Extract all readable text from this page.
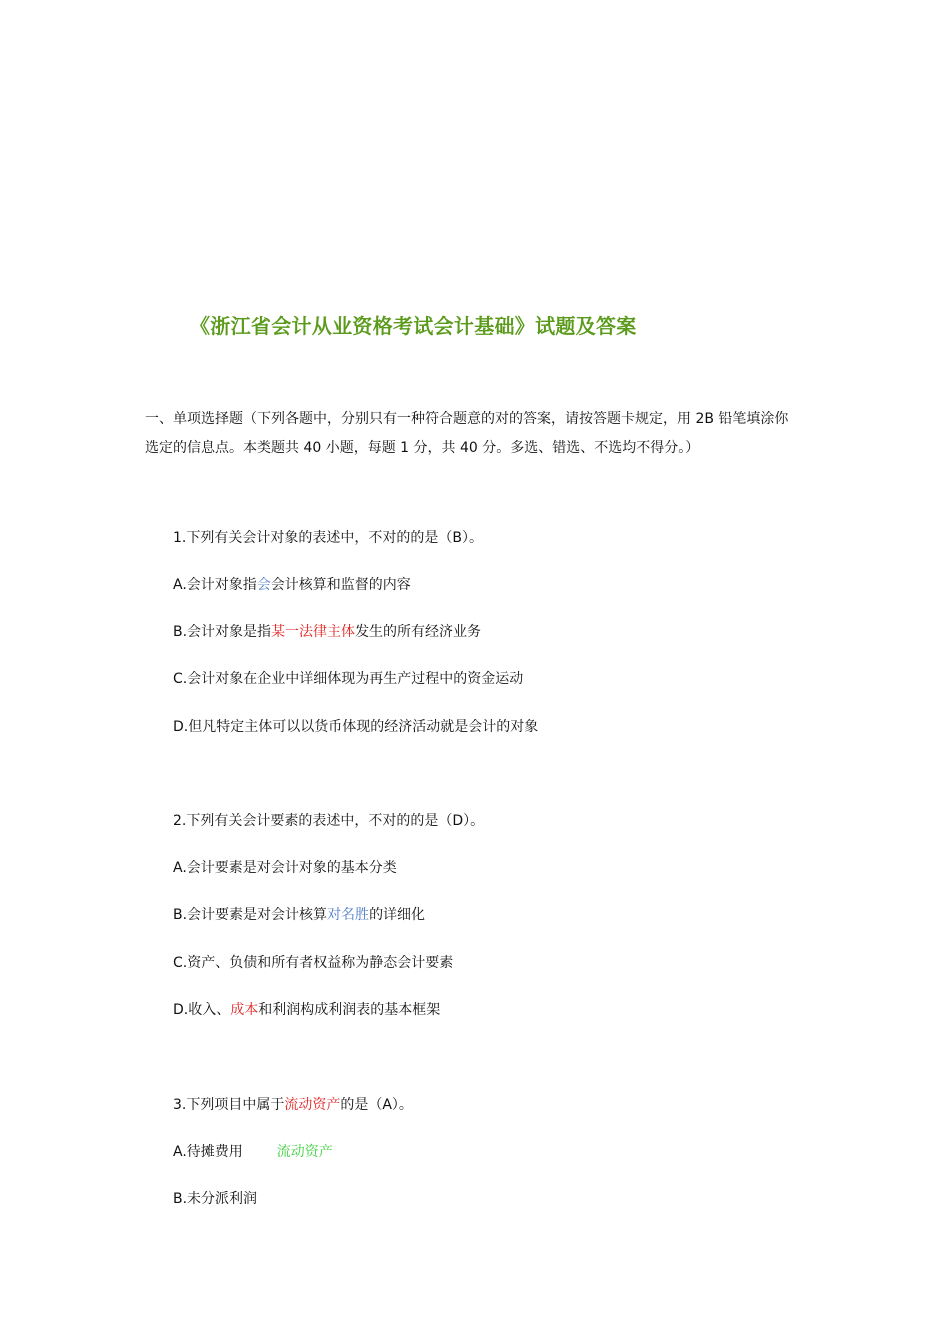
《浙江省会计从业资格考试会计基础》试题及答案
一、单项选择题（下列各题中，分别只有一种符合题意的对的答案，请按答题卡规定，用 2B 铅笔填涂你
选定的信息点。本类题共 40 小题，每题 1 分，共 40 分。多选、错选、不选均不得分。）
1.下列有关会计对象的表述中，不对的的是（B）。
A.会计对象指会会计核算和监督的内容
B.会计对象是指某一法律主体发生的所有经济业务
C.会计对象在企业中详细体现为再生产过程中的资金运动
D.但凡特定主体可以以货币体现的经济活动就是会计的对象
2.下列有关会计要素的表述中，不对的的是（D）。
A.会计要素是对会计对象的基本分类
B.会计要素是对会计核算对名胜的详细化
C.资产、负债和所有者权益称为静态会计要素
D.收入、成本和利润构成利润表的基本框架
3.下列项目中属于流动资产的是（A）。
A.待摊费用 流动资产
B.未分派利润
